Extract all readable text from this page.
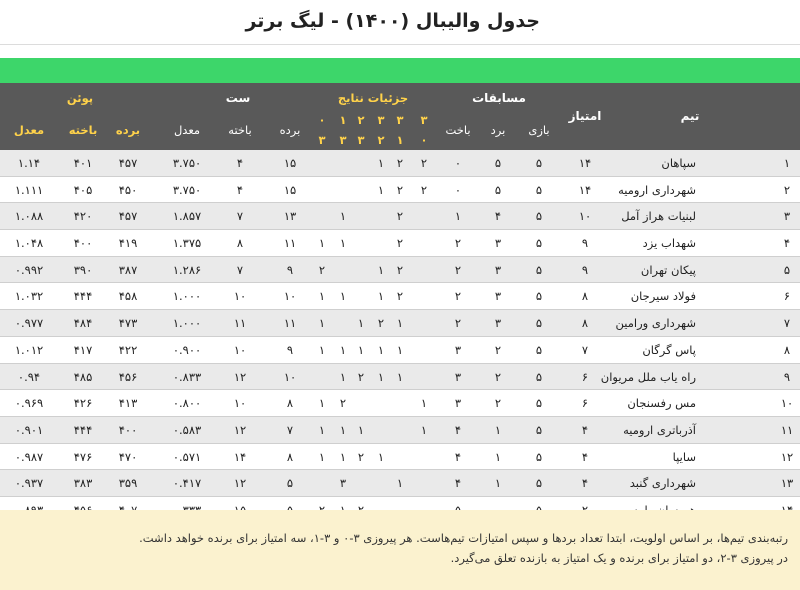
جدول والیبال (۱۴۰۰) - لیگ برتر
تیم
امتیاز
مسابقات
بازی
برد
باخت
جزئیات نتایج
۳
۰
۳
۱
۳
۲
۲
۳
۱
۳
۰
۳
ست
برده
باخته
معدل
پوئن
برده
باخته
معدل
۱
سپاهان
۱۴
۵
۵
۰
۲
۲
۱
۱۵
۴
۳.۷۵۰
۴۵۷
۴۰۱
۱.۱۴
۲
شهرداری ارومیه
۱۴
۵
۵
۰
۲
۲
۱
۱۵
۴
۳.۷۵۰
۴۵۰
۴۰۵
۱.۱۱۱
۳
لبنیات هراز آمل
۱۰
۵
۴
۱
۲
۱
۱۳
۷
۱.۸۵۷
۴۵۷
۴۲۰
۱.۰۸۸
۴
شهداب یزد
۹
۵
۳
۲
۲
۱
۱
۱۱
۸
۱.۳۷۵
۴۱۹
۴۰۰
۱.۰۴۸
۵
پیکان تهران
۹
۵
۳
۲
۲
۱
۲
۹
۷
۱.۲۸۶
۳۸۷
۳۹۰
۰.۹۹۲
۶
فولاد سیرجان
۸
۵
۳
۲
۲
۱
۱
۱
۱۰
۱۰
۱.۰۰۰
۴۵۸
۴۴۴
۱.۰۳۲
۷
شهرداری ورامین
۸
۵
۳
۲
۱
۲
۱
۱
۱۱
۱۱
۱.۰۰۰
۴۷۳
۴۸۴
۰.۹۷۷
۸
پاس گرگان
۷
۵
۲
۳
۱
۱
۱
۱
۱
۹
۱۰
۰.۹۰۰
۴۲۲
۴۱۷
۱.۰۱۲
۹
راه یاب ملل مریوان
۶
۵
۲
۳
۱
۱
۲
۱
۱۰
۱۲
۰.۸۳۳
۴۵۶
۴۸۵
۰.۹۴
۱۰
مس رفسنجان
۶
۵
۲
۳
۱
۲
۱
۸
۱۰
۰.۸۰۰
۴۱۳
۴۲۶
۰.۹۶۹
۱۱
آذرباتری ارومیه
۴
۵
۱
۴
۱
۱
۱
۱
۷
۱۲
۰.۵۸۳
۴۰۰
۴۴۴
۰.۹۰۱
۱۲
سایپا
۴
۵
۱
۴
۱
۲
۱
۱
۸
۱۴
۰.۵۷۱
۴۷۰
۴۷۶
۰.۹۸۷
۱۳
شهرداری گنبد
۴
۵
۱
۴
۱
۳
۵
۱۲
۰.۴۱۷
۳۵۹
۳۸۳
۰.۹۳۷

رتبه‌بندی تیم‌ها، بر اساس اولویت، ابتدا تعداد بردها و سپس امتیازات تیم‌هاست. هر پیروزی ۳-۰ و ۳-۱، سه امتیاز برای برنده خواهد داشت.

در پیروزی ۳-۲، دو امتیاز برای برنده و یک امتیاز به بازنده تعلق می‌گیرد.
